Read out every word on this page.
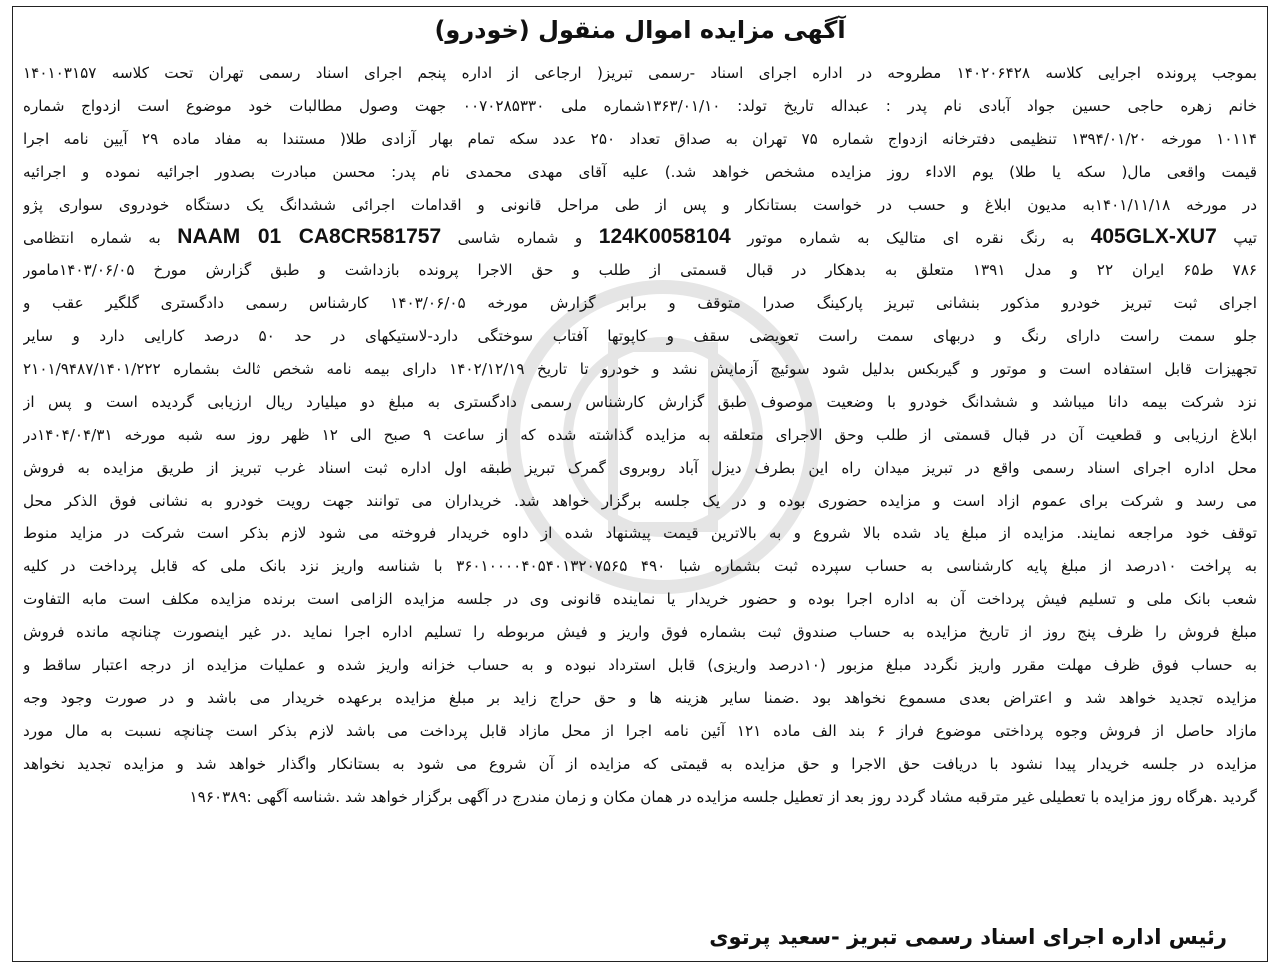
آگهی مزایده اموال منقول (خودرو)
بموجب پرونده اجرایی کلاسه ۱۴۰۲۰۶۴۲۸ مطروحه در اداره اجرای اسناد -رسمی تبریز( ارجاعی از اداره پنجم اجرای اسناد رسمی تهران تحت کلاسه ۱۴۰۱۰۳۱۵۷
خانم زهره حاجی حسین جواد آبادی نام پدر : عبداله تاریخ تولد: ۱۳۶۳/۰۱/۱۰شماره ملی ۰۰۷۰۲۸۵۳۳۰ جهت وصول مطالبات خود موضوع است ازدواج شماره
۱۰۱۱۴ مورخه ۱۳۹۴/۰۱/۲۰ تنظیمی دفترخانه ازدواج شماره ۷۵ تهران به صداق تعداد ۲۵۰ عدد سکه تمام بهار آزادی طلا( مستندا به مفاد ماده ۲۹ آیین نامه اجرا
قیمت واقعی مال( سکه یا طلا) یوم الاداء روز مزایده مشخص خواهد شد.) علیه آقای مهدی محمدی نام پدر: محسن مبادرت بصدور اجرائیه نموده و اجرائیه
در مورخه ۱۴۰۱/۱۱/۱۸به مدیون ابلاغ و حسب در خواست بستانکار و پس از طی مراحل قانونی و اقدامات اجرائی ششدانگ یک دستگاه خودروی سواری پژو
تیپ 405GLX-XU7 به رنگ نقره ای متالیک به شماره موتور 124K0058104 و شماره شاسی NAAM 01 CA8CR581757 به شماره انتظامی
۷۸۶ ط۶۵ ایران ۲۲ و مدل ۱۳۹۱ متعلق به بدهکار در قبال قسمتی از طلب و حق الاجرا پرونده بازداشت و طبق گزارش مورخ ۱۴۰۳/۰۶/۰۵مامور
اجرای ثبت تبریز خودرو مذکور بنشانی تبریز پارکینگ صدرا متوقف و برابر گزارش مورخه ۱۴۰۳/۰۶/۰۵ کارشناس رسمی دادگستری گلگیر عقب و
جلو سمت راست دارای رنگ و دربهای سمت راست تعویضی سقف و کاپوتها آفتاب سوختگی دارد-لاستیکهای در حد ۵۰ درصد کارایی دارد و سایر
تجهیزات قابل استفاده است و موتور و گیربکس بدلیل شود سوئیچ آزمایش نشد و خودرو تا تاریخ ۱۴۰۲/۱۲/۱۹ دارای بیمه نامه شخص ثالث بشماره ۲۱۰۱/۹۴۸۷/۱۴۰۱/۲۲۲
نزد شرکت بیمه دانا میباشد و ششدانگ خودرو با وضعیت موصوف طبق گزارش کارشناس رسمی دادگستری به مبلغ دو میلیارد ریال ارزیابی گردیده است و پس از
ابلاغ ارزیابی و قطعیت آن در قبال قسمتی از طلب وحق الاجرای متعلقه به مزایده گذاشته شده که از ساعت ۹ صبح الی ۱۲ ظهر روز سه شبه مورخه ۱۴۰۴/۰۴/۳۱در
محل اداره اجرای اسناد رسمی واقع در تبریز میدان راه این بطرف دیزل آباد روبروی گمرک تبریز طبقه اول اداره ثبت اسناد غرب تبریز از طریق مزایده به فروش
می رسد و شرکت برای عموم ازاد است و مزایده حضوری بوده و در یک جلسه برگزار خواهد شد. خریداران می توانند جهت رویت خودرو به نشانی فوق الذکر محل
توقف خود مراجعه نمایند. مزایده از مبلغ یاد شده بالا شروع و به بالاترین قیمت پیشنهاد شده از داوه خریدار فروخته می شود لازم بذکر است شرکت در مزاید منوط
به پراخت ۱۰درصد از مبلغ پایه کارشناسی به حساب سپرده ثبت بشماره شبا ۴۹۰ ۳۶۰۱۰۰۰۰۴۰۵۴۰۱۳۲۰۷۵۶۵ با شناسه واریز نزد بانک ملی که قابل پرداخت در کلیه
شعب بانک ملی و تسلیم فیش پرداخت آن به اداره اجرا بوده و حضور خریدار یا نماینده قانونی وی در جلسه مزایده الزامی است برنده مزایده مکلف است مابه التفاوت
مبلغ فروش را ظرف پنج روز از تاریخ مزایده به حساب صندوق ثبت بشماره فوق واریز و فیش مربوطه را تسلیم اداره اجرا نماید .در غیر اینصورت چنانچه مانده فروش
به حساب فوق ظرف مهلت مقرر واریز نگردد مبلغ مزبور (۱۰درصد واریزی) قابل استرداد نبوده و به حساب خزانه واریز شده و عملیات مزایده از درجه اعتبار ساقط و
مزایده تجدید خواهد شد و اعتراض بعدی مسموع نخواهد بود .ضمنا سایر هزینه ها و حق حراج زاید بر مبلغ مزایده برعهده خریدار می باشد و در صورت وجود وجه
مازاد حاصل از فروش وجوه پرداختی موضوع فراز ۶ بند الف ماده ۱۲۱ آئین نامه اجرا از محل مازاد قابل پرداخت می باشد لازم بذکر است چنانچه نسبت به مال مورد
مزایده در جلسه خریدار پیدا نشود با دریافت حق الاجرا و حق مزایده به قیمتی که مزایده از آن شروع می شود به بستانکار واگذار خواهد شد و مزایده تجدید نخواهد
گردید .هرگاه روز مزایده با تعطیلی غیر مترقبه مشاد گردد روز بعد از تعطیل جلسه مزایده در همان مکان و زمان مندرج در آگهی برگزار خواهد شد .شناسه آگهی :۱۹۶۰۳۸۹
رئیس اداره اجرای اسناد رسمی تبریز -سعید پرتوی
